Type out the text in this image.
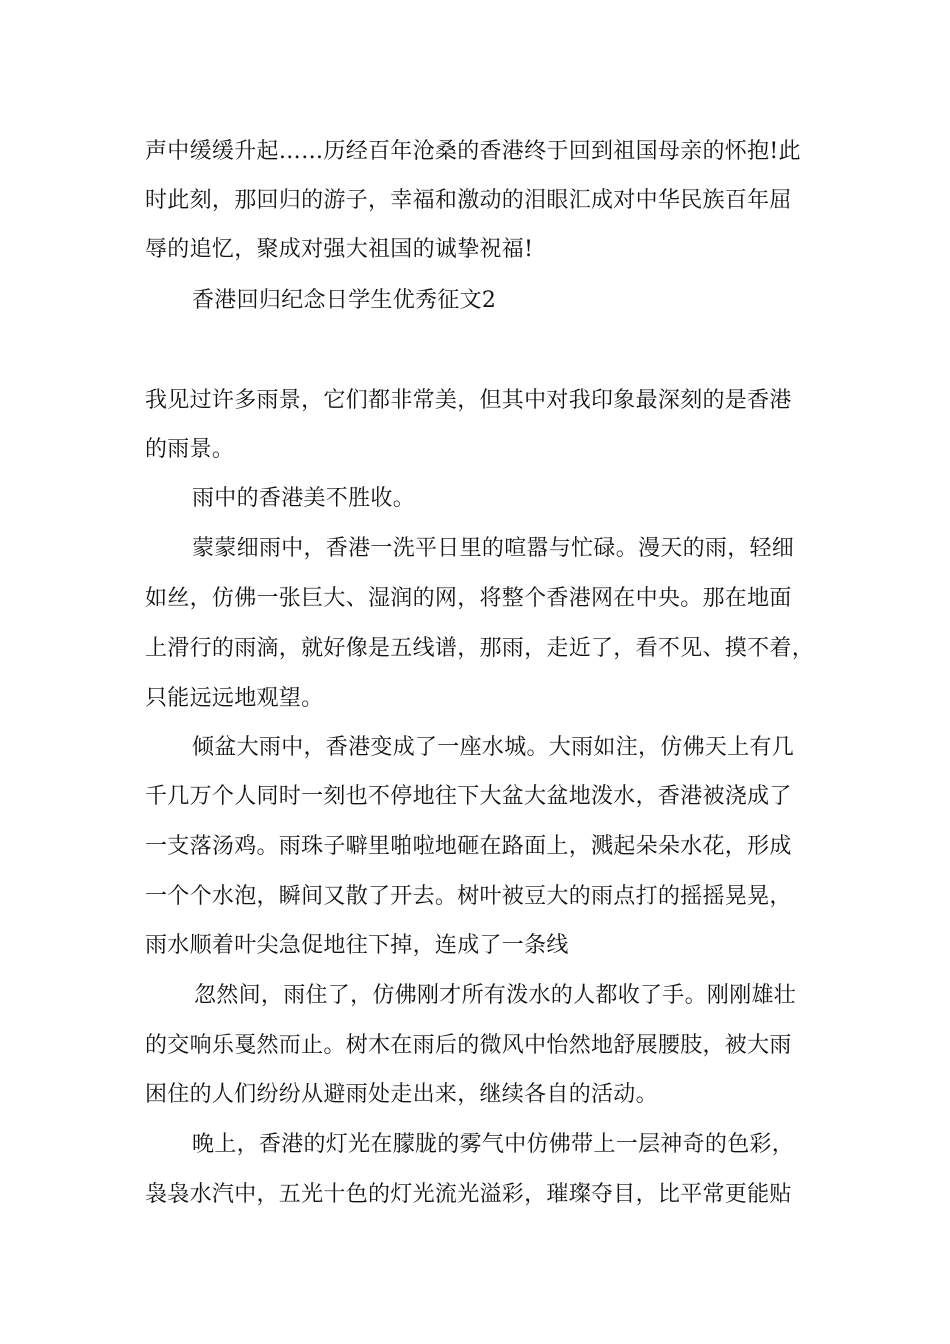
声中缓缓升起……历经百年沧桑的香港终于回到祖国母亲的怀抱!此
时此刻，那回归的游子，幸福和激动的泪眼汇成对中华民族百年屈
辱的追忆，聚成对强大祖国的诚挚祝福!
香港回归纪念日学生优秀征文2
我见过许多雨景，它们都非常美，但其中对我印象最深刻的是香港
的雨景。
雨中的香港美不胜收。
蒙蒙细雨中，香港一洗平日里的喧嚣与忙碌。漫天的雨，轻细
如丝，仿佛一张巨大、湿润的网，将整个香港网在中央。那在地面
上滑行的雨滴，就好像是五线谱，那雨，走近了，看不见、摸不着，
只能远远地观望。
倾盆大雨中，香港变成了一座水城。大雨如注，仿佛天上有几
千几万个人同时一刻也不停地往下大盆大盆地泼水，香港被浇成了
一支落汤鸡。雨珠子噼里啪啦地砸在路面上，溅起朵朵水花，形成
一个个水泡，瞬间又散了开去。树叶被豆大的雨点打的摇摇晃晃，
雨水顺着叶尖急促地往下掉，连成了一条线
忽然间，雨住了，仿佛刚才所有泼水的人都收了手。刚刚雄壮
的交响乐戛然而止。树木在雨后的微风中怡然地舒展腰肢，被大雨
困住的人们纷纷从避雨处走出来，继续各自的活动。
晚上，香港的灯光在朦胧的雾气中仿佛带上一层神奇的色彩，
袅袅水汽中，五光十色的灯光流光溢彩，璀璨夺目，比平常更能贴
